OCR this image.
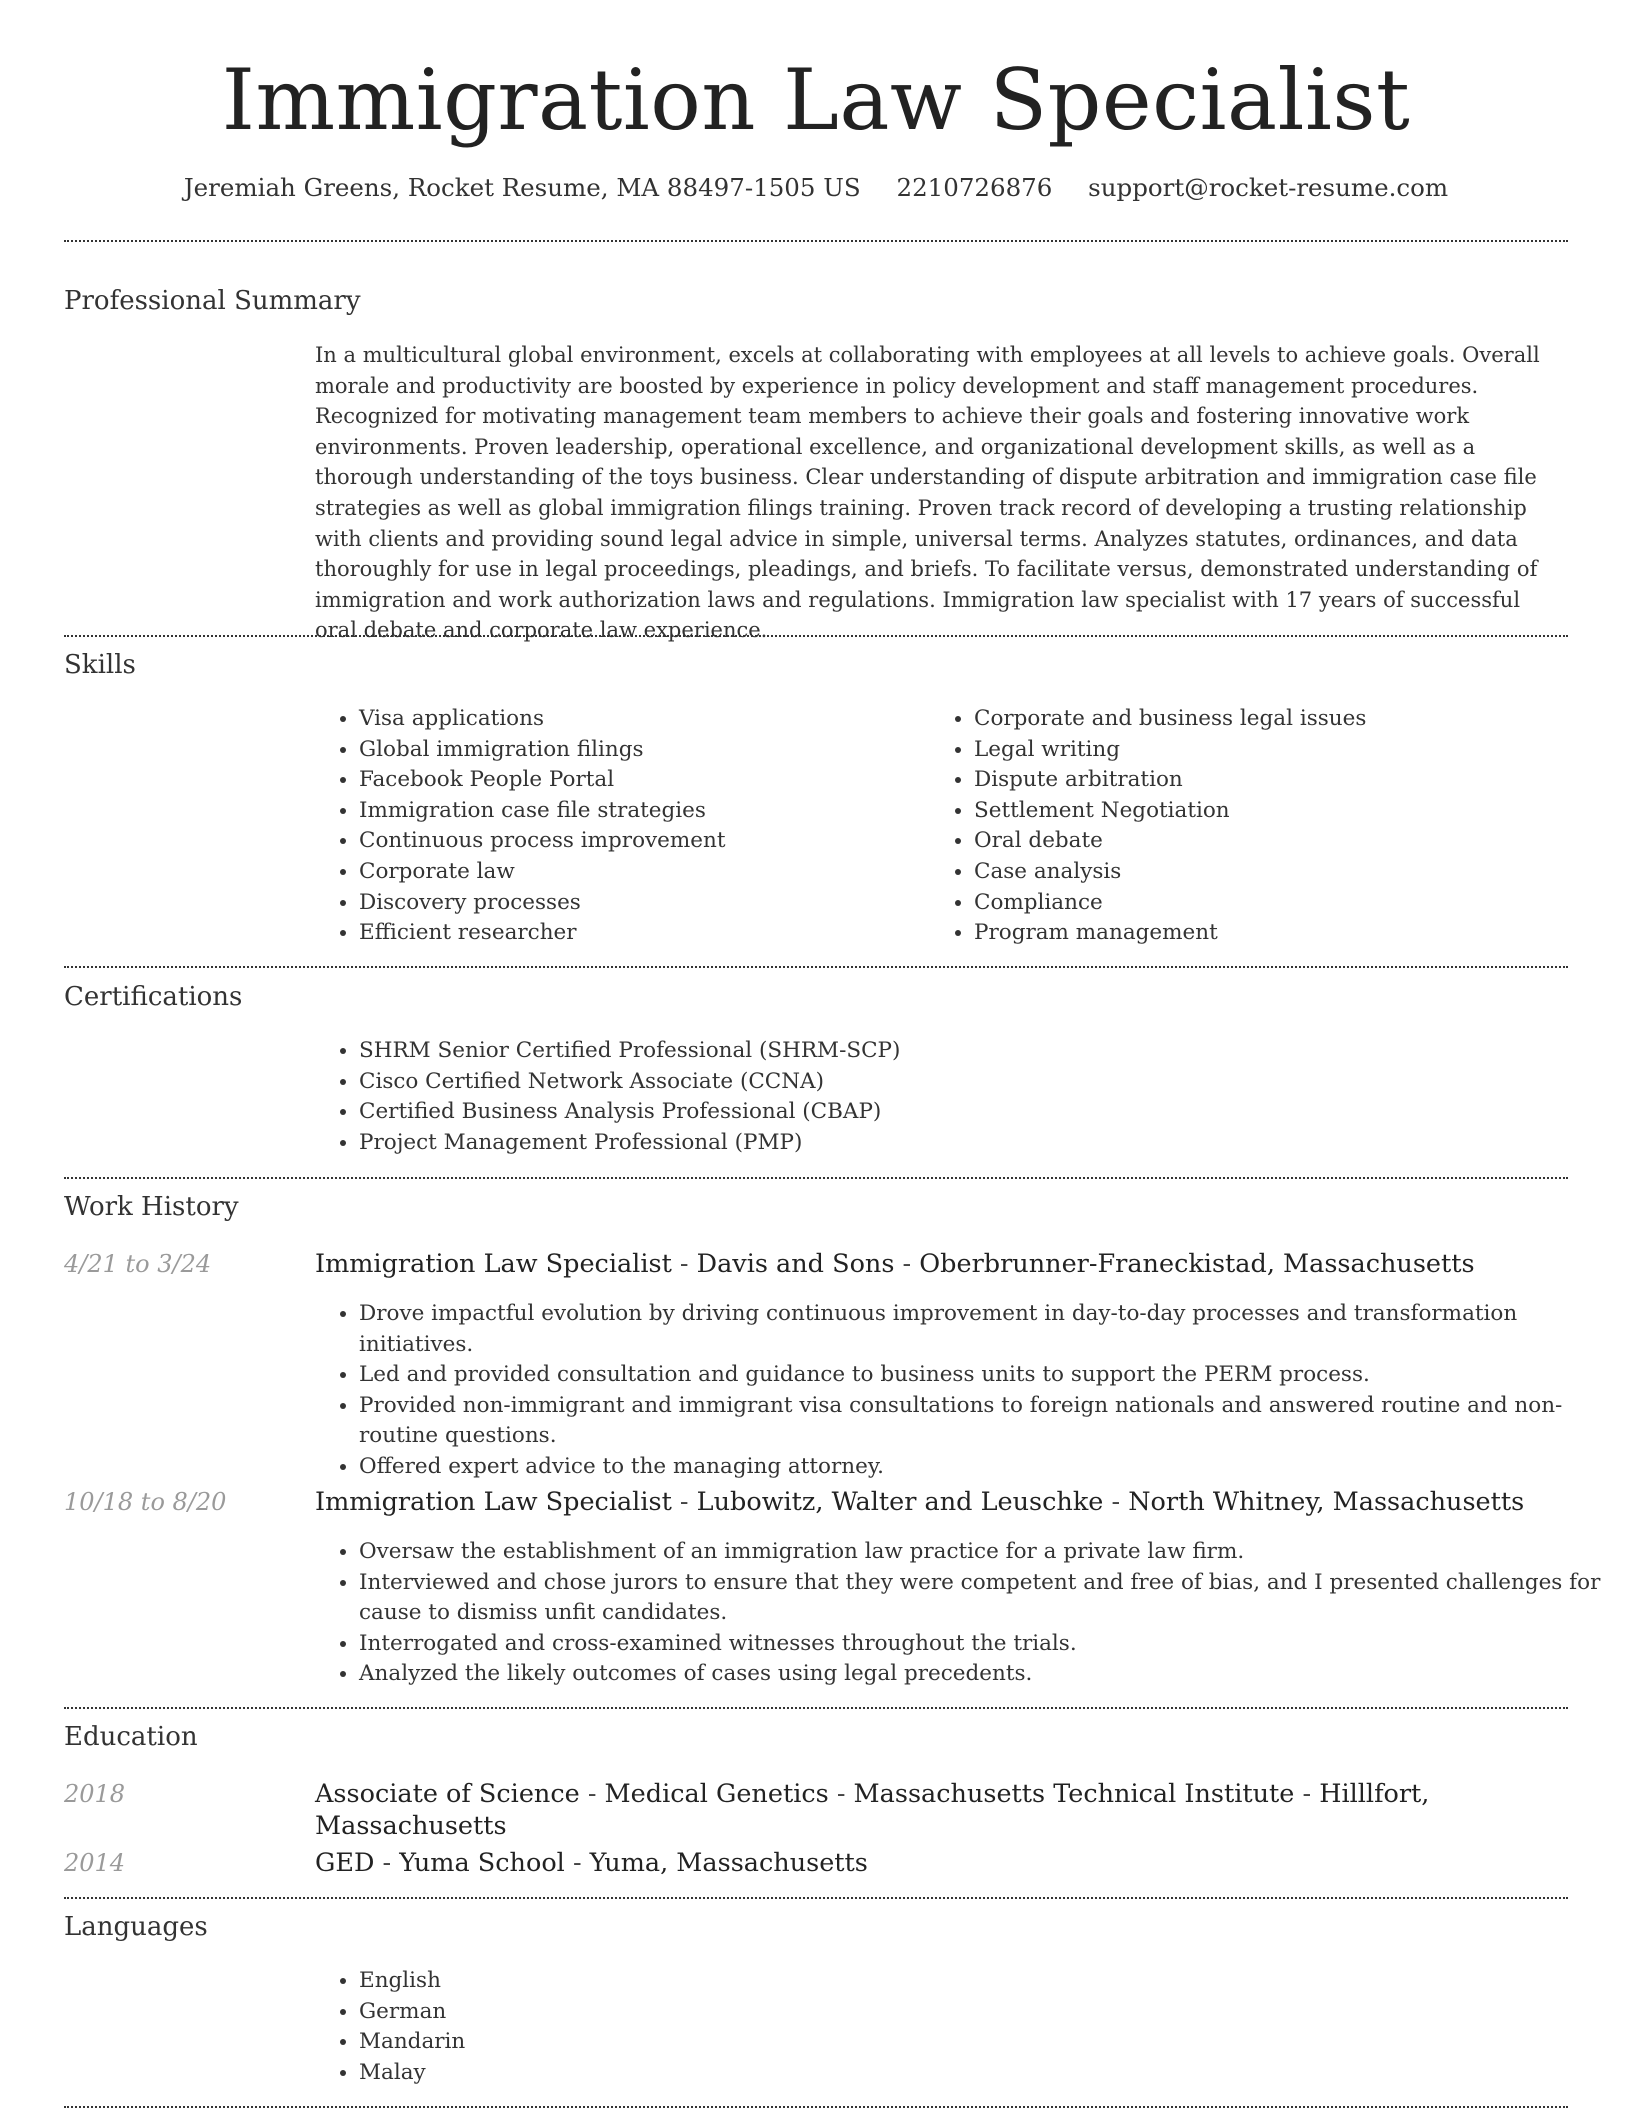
Immigration Law Specialist
Jeremiah Greens, Rocket Resume, MA 88497-1505 US 2210726876 support@rocket-resume.com
Professional Summary
In a multicultural global environment, excels at collaborating with employees at all levels to achieve goals. Overall morale and productivity are boosted by experience in policy development and staff management procedures. Recognized for motivating management team members to achieve their goals and fostering innovative work environments. Proven leadership, operational excellence, and organizational development skills, as well as a thorough understanding of the toys business. Clear understanding of dispute arbitration and immigration case file strategies as well as global immigration filings training. Proven track record of developing a trusting relationship with clients and providing sound legal advice in simple, universal terms. Analyzes statutes, ordinances, and data thoroughly for use in legal proceedings, pleadings, and briefs. To facilitate versus, demonstrated understanding of immigration and work authorization laws and regulations. Immigration law specialist with 17 years of successful oral debate and corporate law experience.
Skills
• Visa applications
• Global immigration filings
• Facebook People Portal
• Immigration case file strategies
• Continuous process improvement
• Corporate law
• Discovery processes
• Efficient researcher
• Corporate and business legal issues
• Legal writing
• Dispute arbitration
• Settlement Negotiation
• Oral debate
• Case analysis
• Compliance
• Program management
Certifications
• SHRM Senior Certified Professional (SHRM-SCP)
• Cisco Certified Network Associate (CCNA)
• Certified Business Analysis Professional (CBAP)
• Project Management Professional (PMP)
Work History
4/21 to 3/24	Immigration Law Specialist - Davis and Sons - Oberbrunner-Franeckistad, Massachusetts
• Drove impactful evolution by driving continuous improvement in day-to-day processes and transformation initiatives.
• Led and provided consultation and guidance to business units to support the PERM process.
• Provided non-immigrant and immigrant visa consultations to foreign nationals and answered routine and non-routine questions.
• Offered expert advice to the managing attorney.
10/18 to 8/20	Immigration Law Specialist - Lubowitz, Walter and Leuschke - North Whitney, Massachusetts
• Oversaw the establishment of an immigration law practice for a private law firm.
• Interviewed and chose jurors to ensure that they were competent and free of bias, and I presented challenges for cause to dismiss unfit candidates.
• Interrogated and cross-examined witnesses throughout the trials.
• Analyzed the likely outcomes of cases using legal precedents.
Education
2018	Associate of Science - Medical Genetics - Massachusetts Technical Institute - Hilllfort, Massachusetts
2014	GED - Yuma School - Yuma, Massachusetts
Languages
• English
• German
• Mandarin
• Malay
